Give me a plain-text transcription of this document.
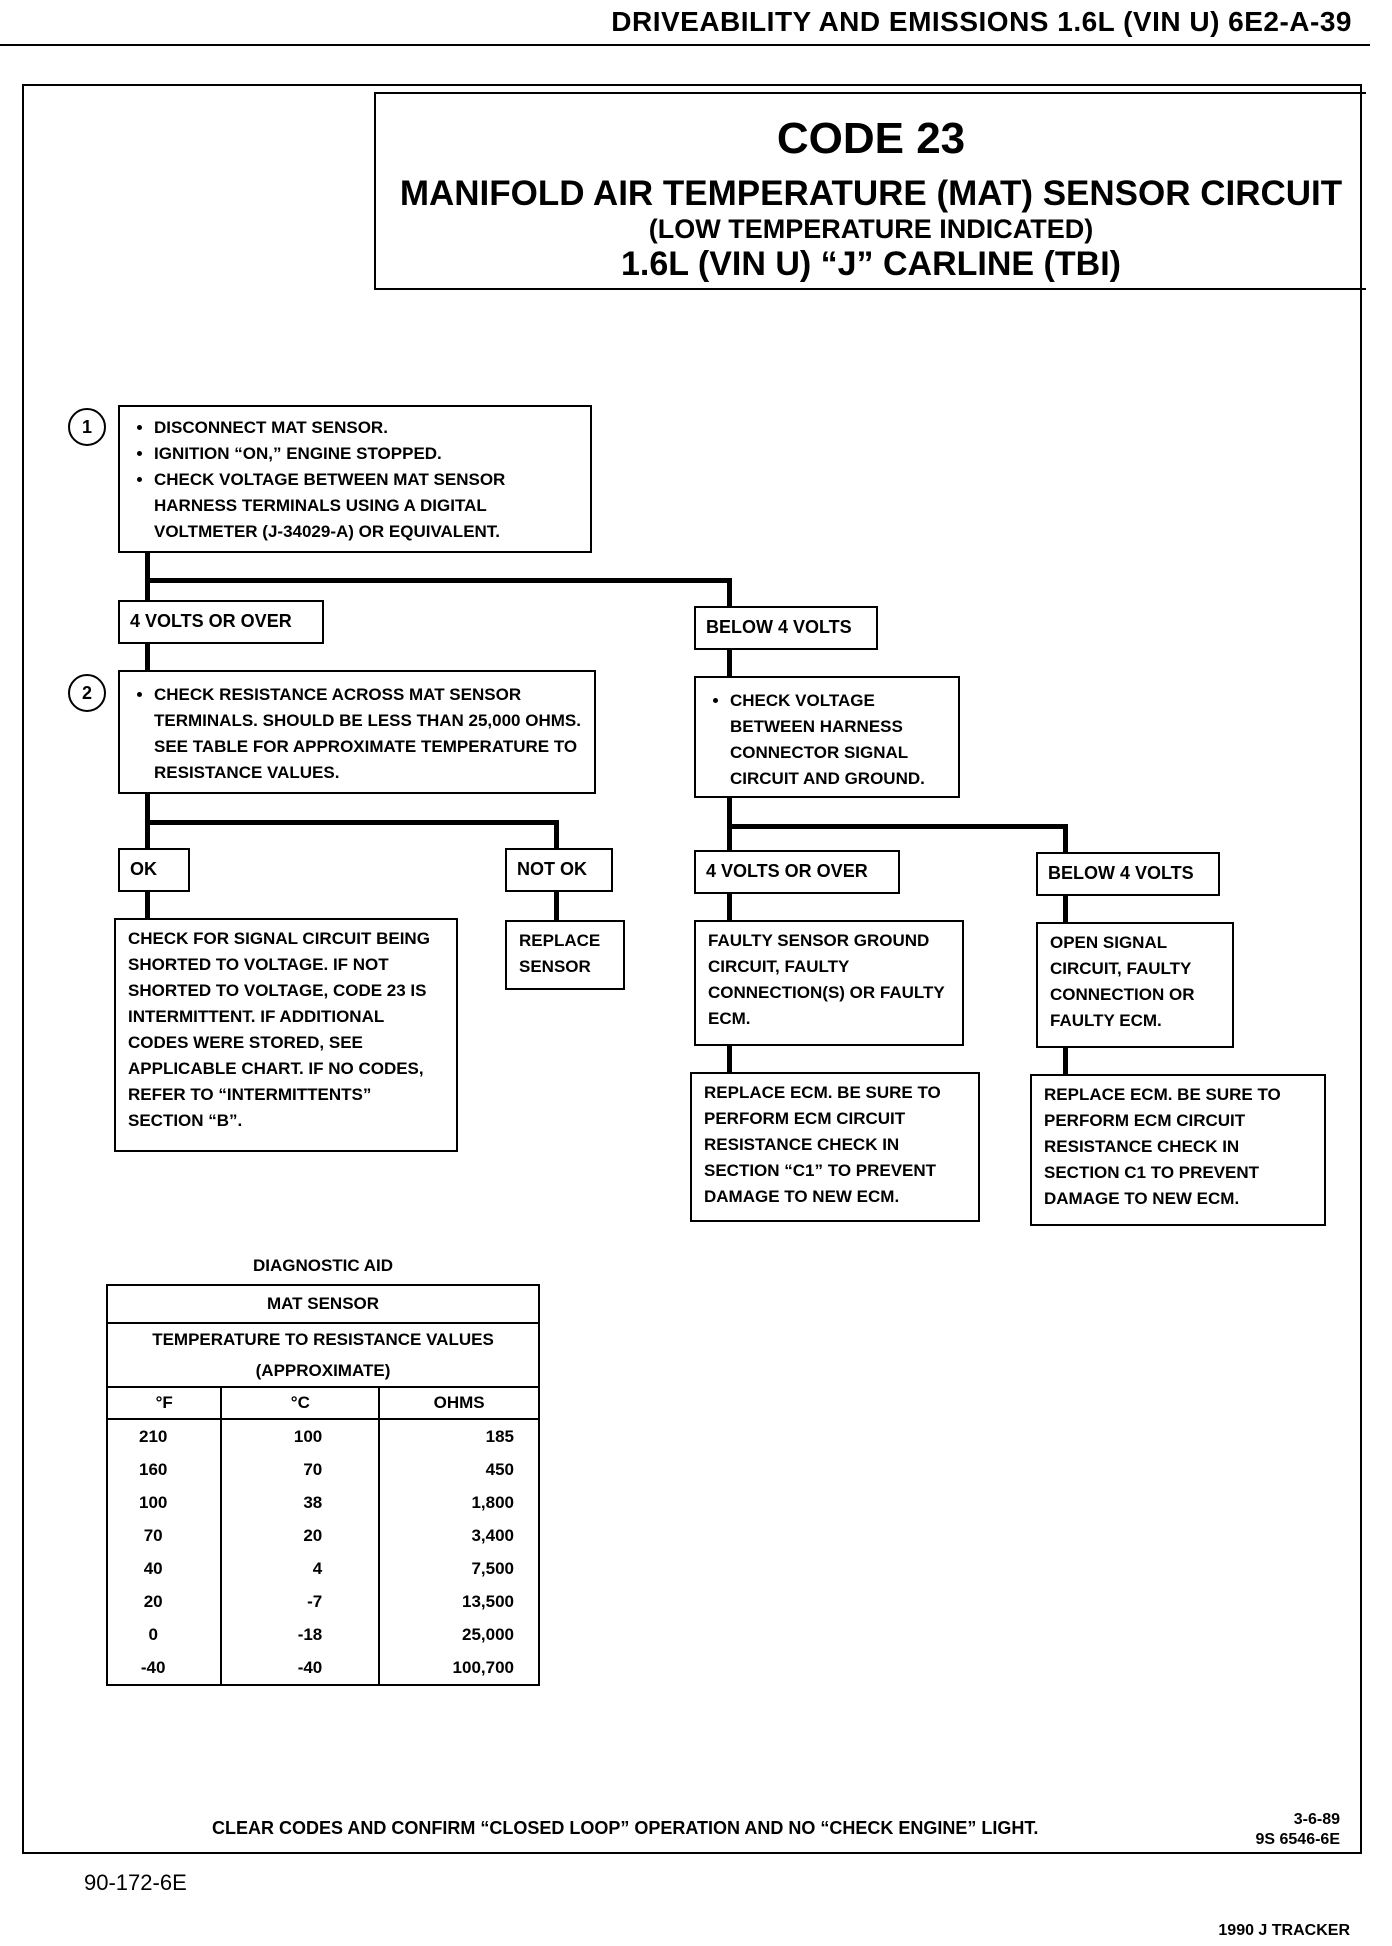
DRIVEABILITY AND EMISSIONS 1.6L (VIN U) 6E2-A-39
CODE 23
MANIFOLD AIR TEMPERATURE (MAT) SENSOR CIRCUIT
(LOW TEMPERATURE INDICATED)
1.6L (VIN U) “J” CARLINE (TBI)
1	• DISCONNECT MAT SENSOR.
• IGNITION “ON,” ENGINE STOPPED.
• CHECK VOLTAGE BETWEEN MAT SENSOR HARNESS TERMINALS USING A DIGITAL VOLTMETER (J-34029-A) OR EQUIVALENT.
4 VOLTS OR OVER	BELOW 4 VOLTS
2	• CHECK RESISTANCE ACROSS MAT SENSOR TERMINALS. SHOULD BE LESS THAN 25,000 OHMS. SEE TABLE FOR APPROXIMATE TEMPERATURE TO RESISTANCE VALUES.
• CHECK VOLTAGE BETWEEN HARNESS CONNECTOR SIGNAL CIRCUIT AND GROUND.
OK	NOT OK	4 VOLTS OR OVER	BELOW 4 VOLTS
CHECK FOR SIGNAL CIRCUIT BEING SHORTED TO VOLTAGE. IF NOT SHORTED TO VOLTAGE, CODE 23 IS INTERMITTENT. IF ADDITIONAL CODES WERE STORED, SEE APPLICABLE CHART. IF NO CODES, REFER TO “INTERMITTENTS” SECTION “B”.
REPLACE SENSOR
FAULTY SENSOR GROUND CIRCUIT, FAULTY CONNECTION(S) OR FAULTY ECM.
OPEN SIGNAL CIRCUIT, FAULTY CONNECTION OR FAULTY ECM.
REPLACE ECM. BE SURE TO PERFORM ECM CIRCUIT RESISTANCE CHECK IN SECTION “C1” TO PREVENT DAMAGE TO NEW ECM.
REPLACE ECM. BE SURE TO PERFORM ECM CIRCUIT RESISTANCE CHECK IN SECTION C1 TO PREVENT DAMAGE TO NEW ECM.
DIAGNOSTIC AID
MAT SENSOR		
TEMPERATURE TO RESISTANCE VALUES		
(APPROXIMATE)		
°F	°C	OHMS
210	100	185
160	70	450
100	38	1,800
70	20	3,400
40	4	7,500
20	-7	13,500
0	-18	25,000
-40	-40	100,700
CLEAR CODES AND CONFIRM “CLOSED LOOP” OPERATION AND NO “CHECK ENGINE” LIGHT.	3-6-89
9S 6546-6E
90-172-6E
1990 J TRACKER
